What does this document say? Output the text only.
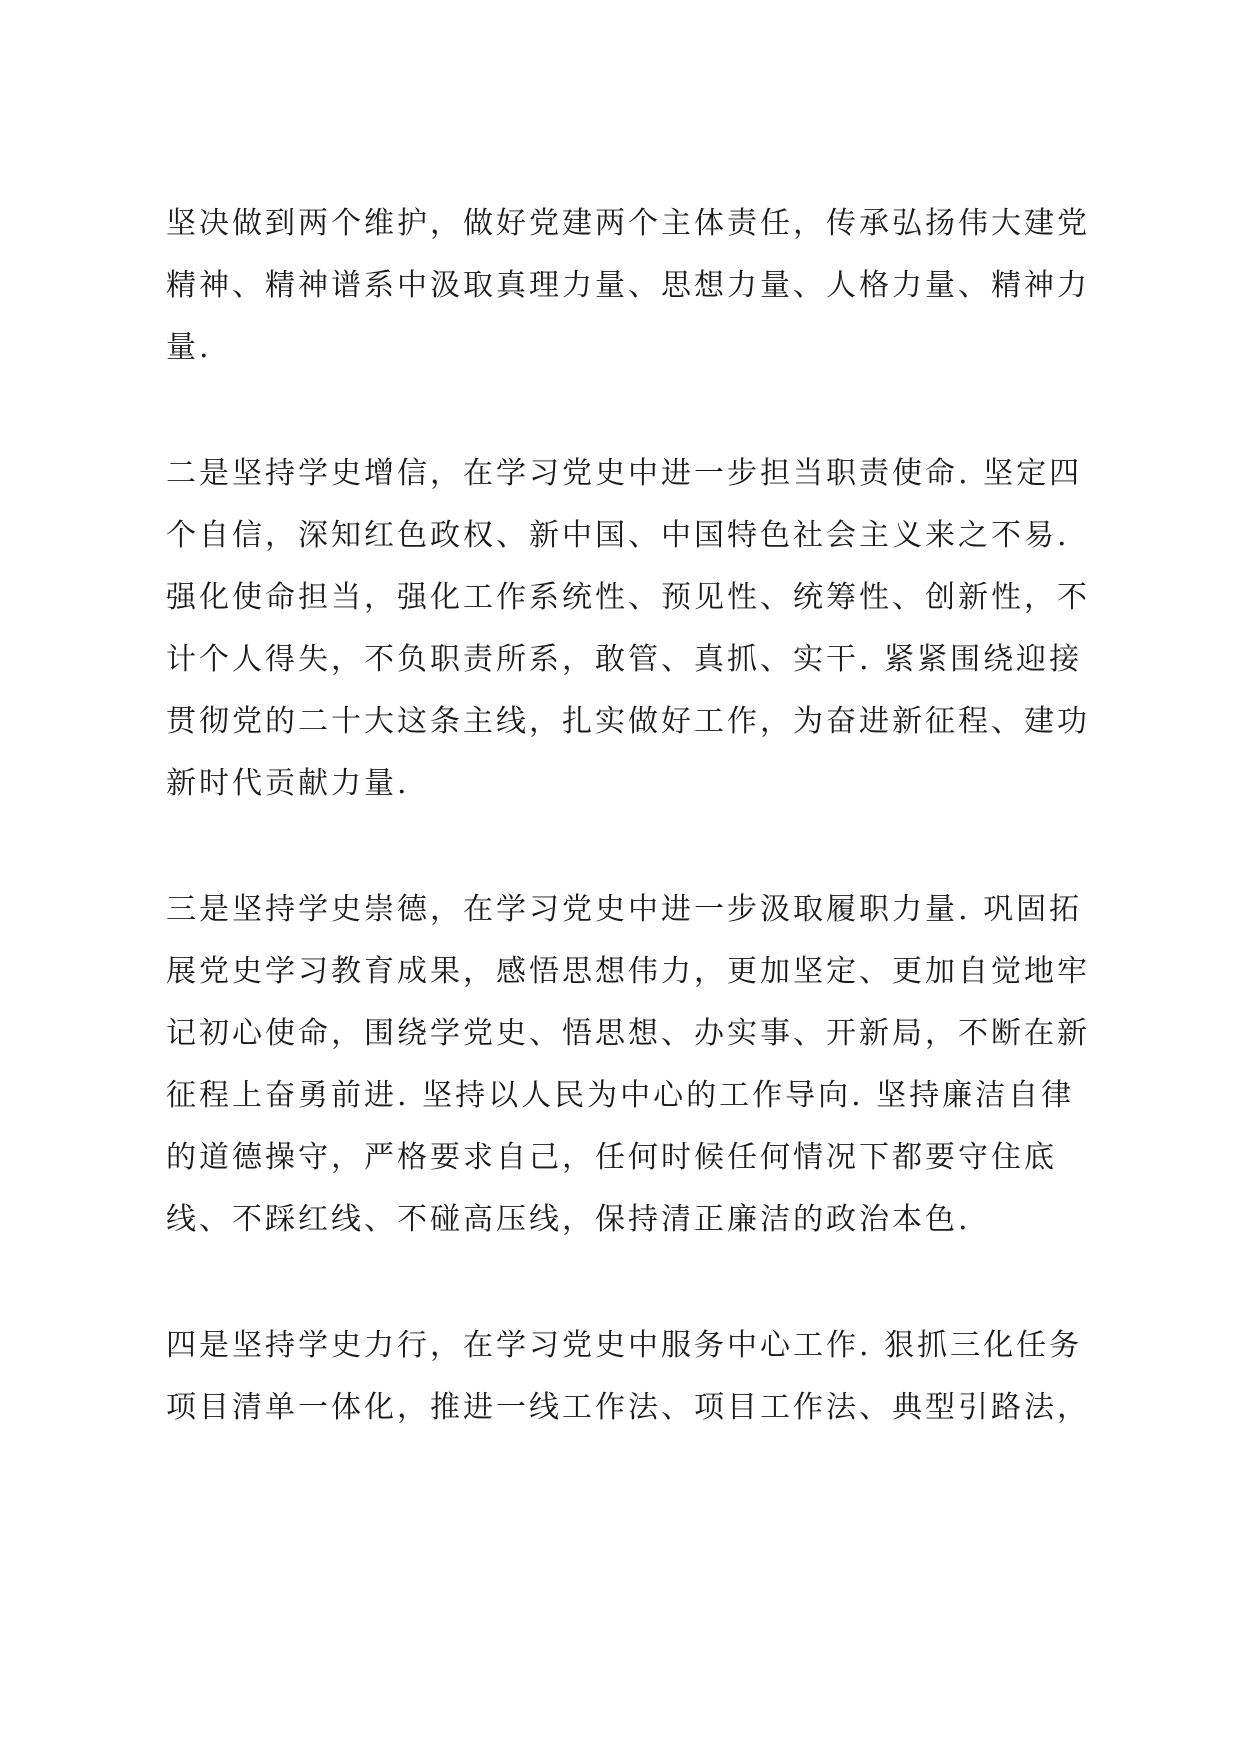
坚决做到两个维护，做好党建两个主体责任，传承弘扬伟大建党

精神、精神谱系中汲取真理力量、思想力量、人格力量、精神力

量.

二是坚持学史增信，在学习党史中进一步担当职责使命. 坚定四

个自信，深知红色政权、新中国、中国特色社会主义来之不易.

强化使命担当，强化工作系统性、预见性、统筹性、创新性，不

计个人得失，不负职责所系，敢管、真抓、实干. 紧紧围绕迎接

贯彻党的二十大这条主线，扎实做好工作，为奋进新征程、建功

新时代贡献力量.

三是坚持学史崇德，在学习党史中进一步汲取履职力量. 巩固拓

展党史学习教育成果，感悟思想伟力，更加坚定、更加自觉地牢

记初心使命，围绕学党史、悟思想、办实事、开新局，不断在新

征程上奋勇前进. 坚持以人民为中心的工作导向. 坚持廉洁自律

的道德操守，严格要求自己，任何时候任何情况下都要守住底

线、不踩红线、不碰高压线，保持清正廉洁的政治本色.

四是坚持学史力行，在学习党史中服务中心工作. 狠抓三化任务

项目清单一体化，推进一线工作法、项目工作法、典型引路法，
